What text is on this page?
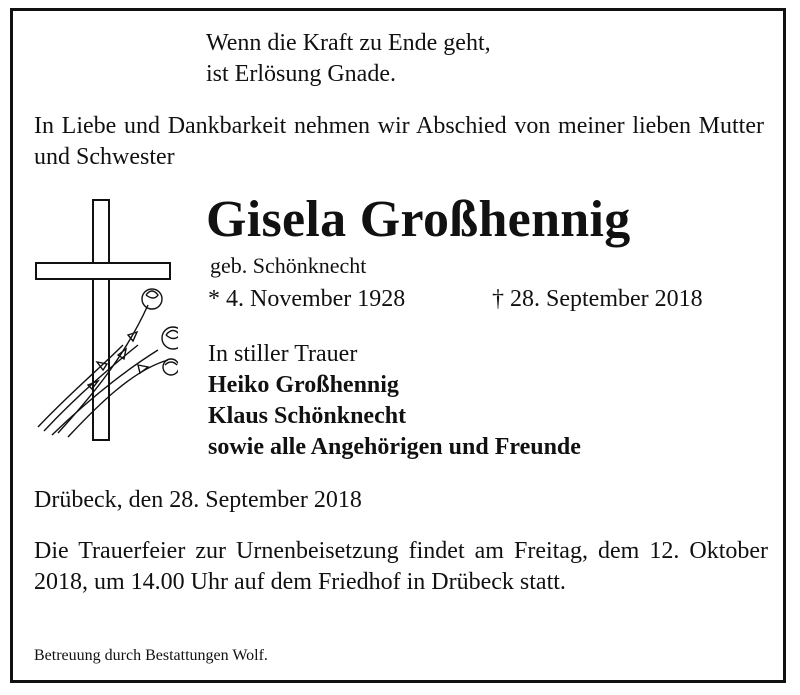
Wenn die Kraft zu Ende geht,
ist Erlösung Gnade.
In Liebe und Dankbarkeit nehmen wir Abschied von meiner lieben Mutter und Schwester
Gisela Großhennig
geb. Schönknecht
* 4. November 1928	† 28. September 2018
In stiller Trauer
Heiko Großhennig
Klaus Schönknecht
sowie alle Angehörigen und Freunde
Drübeck, den 28. September 2018
Die Trauerfeier zur Urnenbeisetzung findet am Freitag, dem 12. Oktober 2018, um 14.00 Uhr auf dem Friedhof in Drübeck statt.
Betreuung durch Bestattungen Wolf.
